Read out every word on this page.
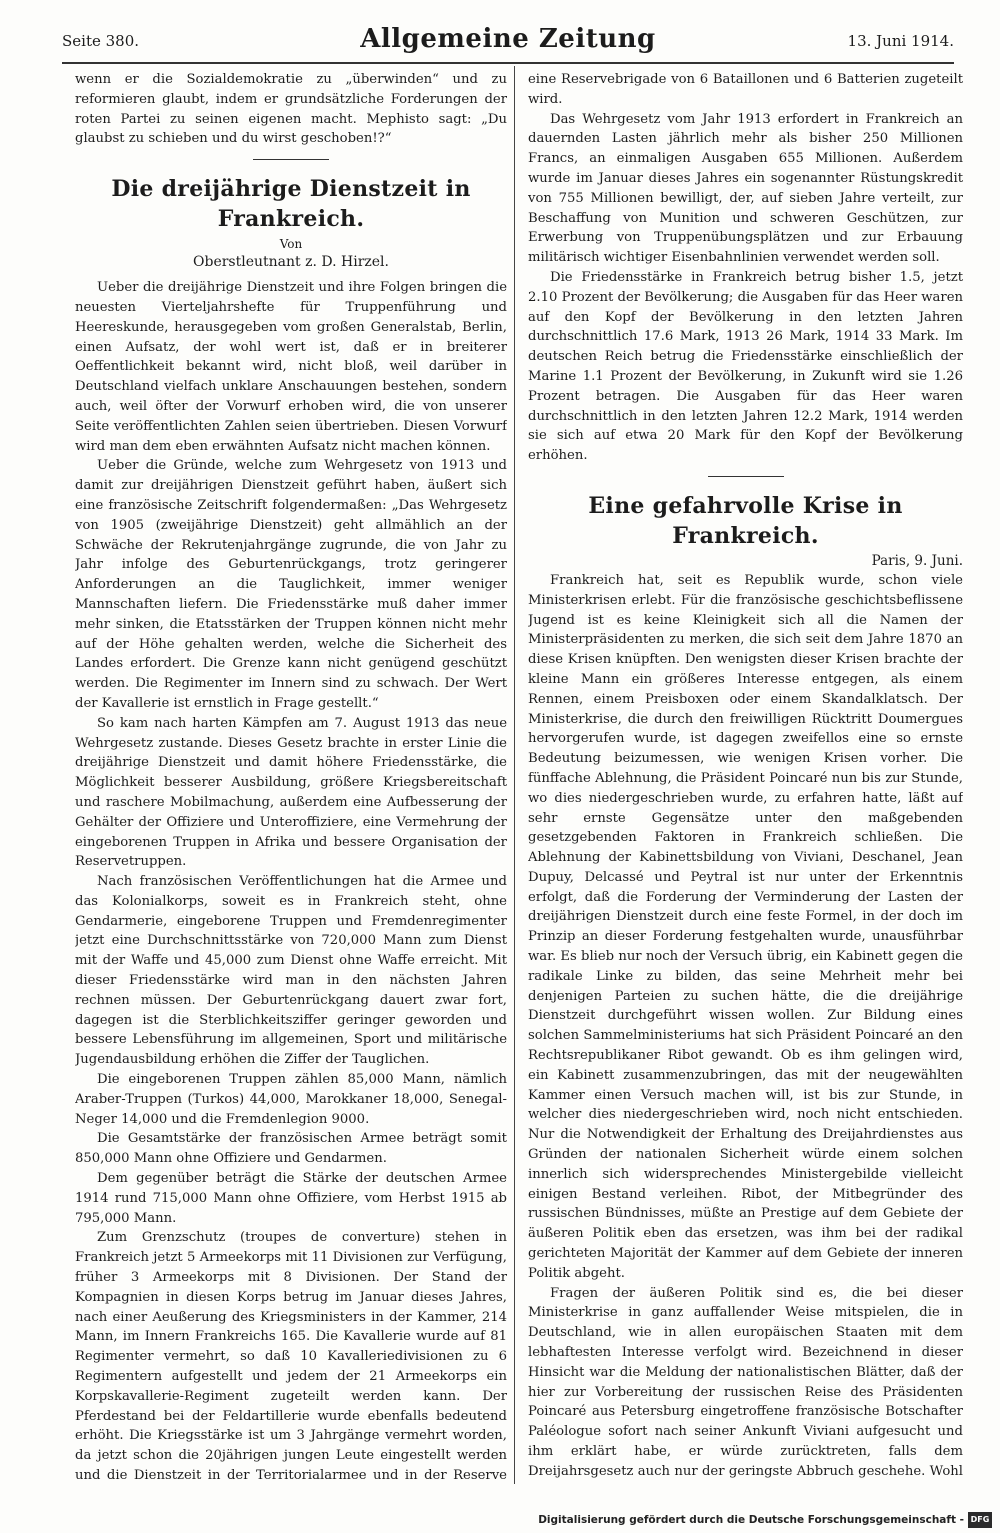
Seite 380.	Allgemeine Zeitung	13. Juni 1914.

wenn er die Sozialdemokratie zu „überwinden“ und zu reformieren glaubt, indem er grundsätzliche Forderungen der roten Partei zu seinen eigenen macht. Mephisto sagt: „Du glaubst zu schieben und du wirst geschoben!?“

Die dreijährige Dienstzeit in Frankreich.
Von
Oberstleutnant z. D. Hirzel.

Ueber die dreijährige Dienstzeit und ihre Folgen bringen die neuesten Vierteljahrshefte für Truppenführung und Heereskunde, herausgegeben vom großen Generalstab, Berlin, einen Aufsatz, der wohl wert ist, daß er in breiterer Oeffentlichkeit bekannt wird, nicht bloß, weil darüber in Deutschland vielfach unklare Anschauungen bestehen, sondern auch, weil öfter der Vorwurf erhoben wird, die von unserer Seite veröffentlichten Zahlen seien übertrieben. Diesen Vorwurf wird man dem eben erwähnten Aufsatz nicht machen können.

Ueber die Gründe, welche zum Wehrgesetz von 1913 und damit zur dreijährigen Dienstzeit geführt haben, äußert sich eine französische Zeitschrift folgendermaßen: „Das Wehrgesetz von 1905 (zweijährige Dienstzeit) geht allmählich an der Schwäche der Rekrutenjahrgänge zugrunde, die von Jahr zu Jahr infolge des Geburtenrückgangs, trotz geringerer Anforderungen an die Tauglichkeit, immer weniger Mannschaften liefern. Die Friedensstärke muß daher immer mehr sinken, die Etatsstärken der Truppen können nicht mehr auf der Höhe gehalten werden, welche die Sicherheit des Landes erfordert. Die Grenze kann nicht genügend geschützt werden. Die Regimenter im Innern sind zu schwach. Der Wert der Kavallerie ist ernstlich in Frage gestellt.“

So kam nach harten Kämpfen am 7. August 1913 das neue Wehrgesetz zustande. Dieses Gesetz brachte in erster Linie die dreijährige Dienstzeit und damit höhere Friedensstärke, die Möglichkeit besserer Ausbildung, größere Kriegsbereitschaft und raschere Mobilmachung, außerdem eine Aufbesserung der Gehälter der Offiziere und Unteroffiziere, eine Vermehrung der eingeborenen Truppen in Afrika und bessere Organisation der Reservetruppen.

Nach französischen Veröffentlichungen hat die Armee und das Kolonialkorps, soweit es in Frankreich steht, ohne Gendarmerie, eingeborene Truppen und Fremdenregimenter jetzt eine Durchschnittsstärke von 720,000 Mann zum Dienst mit der Waffe und 45,000 zum Dienst ohne Waffe erreicht. Mit dieser Friedensstärke wird man in den nächsten Jahren rechnen müssen. Der Geburtenrückgang dauert zwar fort, dagegen ist die Sterblichkeitsziffer geringer geworden und bessere Lebensführung im allgemeinen, Sport und militärische Jugendausbildung erhöhen die Ziffer der Tauglichen.

Die eingeborenen Truppen zählen 85,000 Mann, nämlich Araber-Truppen (Turkos) 44,000, Marokkaner 18,000, Senegal-Neger 14,000 und die Fremdenlegion 9000.

Die Gesamtstärke der französischen Armee beträgt somit 850,000 Mann ohne Offiziere und Gendarmen.

Dem gegenüber beträgt die Stärke der deutschen Armee 1914 rund 715,000 Mann ohne Offiziere, vom Herbst 1915 ab 795,000 Mann.

Zum Grenzschutz (troupes de converture) stehen in Frankreich jetzt 5 Armeekorps mit 11 Divisionen zur Verfügung, früher 3 Armeekorps mit 8 Divisionen. Der Stand der Kompagnien in diesen Korps betrug im Januar dieses Jahres, nach einer Aeußerung des Kriegsministers in der Kammer, 214 Mann, im Innern Frankreichs 165. Die Kavallerie wurde auf 81 Regimenter vermehrt, so daß 10 Kavalleriedivisionen zu 6 Regimentern aufgestellt und jedem der 21 Armeekorps ein Korpskavallerie-Regiment zugeteilt werden kann. Der Pferdestand bei der Feldartillerie wurde ebenfalls bedeutend erhöht. Die Kriegsstärke ist um 3 Jahrgänge vermehrt worden, da jetzt schon die 20jährigen jungen Leute eingestellt werden und die Dienstzeit in der Territorialarmee und in der Reserve

eine Reservebrigade von 6 Bataillonen und 6 Batterien zugeteilt wird.

Das Wehrgesetz vom Jahr 1913 erfordert in Frankreich an dauernden Lasten jährlich mehr als bisher 250 Millionen Francs, an einmaligen Ausgaben 655 Millionen. Außerdem wurde im Januar dieses Jahres ein sogenannter Rüstungskredit von 755 Millionen bewilligt, der, auf sieben Jahre verteilt, zur Beschaffung von Munition und schweren Geschützen, zur Erwerbung von Truppenübungsplätzen und zur Erbauung militärisch wichtiger Eisenbahnlinien verwendet werden soll.

Die Friedensstärke in Frankreich betrug bisher 1.5, jetzt 2.10 Prozent der Bevölkerung; die Ausgaben für das Heer waren auf den Kopf der Bevölkerung in den letzten Jahren durchschnittlich 17.6 Mark, 1913 26 Mark, 1914 33 Mark. Im deutschen Reich betrug die Friedensstärke einschließlich der Marine 1.1 Prozent der Bevölkerung, in Zukunft wird sie 1.26 Prozent betragen. Die Ausgaben für das Heer waren durchschnittlich in den letzten Jahren 12.2 Mark, 1914 werden sie sich auf etwa 20 Mark für den Kopf der Bevölkerung erhöhen.

Eine gefahrvolle Krise in Frankreich.
Paris, 9. Juni.

Frankreich hat, seit es Republik wurde, schon viele Ministerkrisen erlebt. Für die französische geschichtsbeflissene Jugend ist es keine Kleinigkeit sich all die Namen der Ministerpräsidenten zu merken, die sich seit dem Jahre 1870 an diese Krisen knüpften. Den wenigsten dieser Krisen brachte der kleine Mann ein größeres Interesse entgegen, als einem Rennen, einem Preisboxen oder einem Skandalklatsch. Der Ministerkrise, die durch den freiwilligen Rücktritt Doumergues hervorgerufen wurde, ist dagegen zweifellos eine so ernste Bedeutung beizumessen, wie wenigen Krisen vorher. Die fünffache Ablehnung, die Präsident Poincaré nun bis zur Stunde, wo dies niedergeschrieben wurde, zu erfahren hatte, läßt auf sehr ernste Gegensätze unter den maßgebenden gesetzgebenden Faktoren in Frankreich schließen. Die Ablehnung der Kabinettsbildung von Viviani, Deschanel, Jean Dupuy, Delcassé und Peytral ist nur unter der Erkenntnis erfolgt, daß die Forderung der Verminderung der Lasten der dreijährigen Dienstzeit durch eine feste Formel, in der doch im Prinzip an dieser Forderung festgehalten wurde, unausführbar war. Es blieb nur noch der Versuch übrig, ein Kabinett gegen die radikale Linke zu bilden, das seine Mehrheit mehr bei denjenigen Parteien zu suchen hätte, die die dreijährige Dienstzeit durchgeführt wissen wollen. Zur Bildung eines solchen Sammelministeriums hat sich Präsident Poincaré an den Rechtsrepublikaner Ribot gewandt. Ob es ihm gelingen wird, ein Kabinett zusammenzubringen, das mit der neugewählten Kammer einen Versuch machen will, ist bis zur Stunde, in welcher dies niedergeschrieben wird, noch nicht entschieden. Nur die Notwendigkeit der Erhaltung des Dreijahrdienstes aus Gründen der nationalen Sicherheit würde einem solchen innerlich sich widersprechendes Ministergebilde vielleicht einigen Bestand verleihen. Ribot, der Mitbegründer des russischen Bündnisses, müßte an Prestige auf dem Gebiete der äußeren Politik eben das ersetzen, was ihm bei der radikal gerichteten Majorität der Kammer auf dem Gebiete der inneren Politik abgeht.

Fragen der äußeren Politik sind es, die bei dieser Ministerkrise in ganz auffallender Weise mitspielen, die in Deutschland, wie in allen europäischen Staaten mit dem lebhaftesten Interesse verfolgt wird. Bezeichnend in dieser Hinsicht war die Meldung der nationalistischen Blätter, daß der hier zur Vorbereitung der russischen Reise des Präsidenten Poincaré aus Petersburg eingetroffene französische Botschafter Paléologue sofort nach seiner Ankunft Viviani aufgesucht und ihm erklärt habe, er würde zurücktreten, falls dem Dreijahrsgesetz auch nur der geringste Abbruch geschehe. Wohl

Digitalisierung gefördert durch die Deutsche Forschungsgemeinschaft - DFG
